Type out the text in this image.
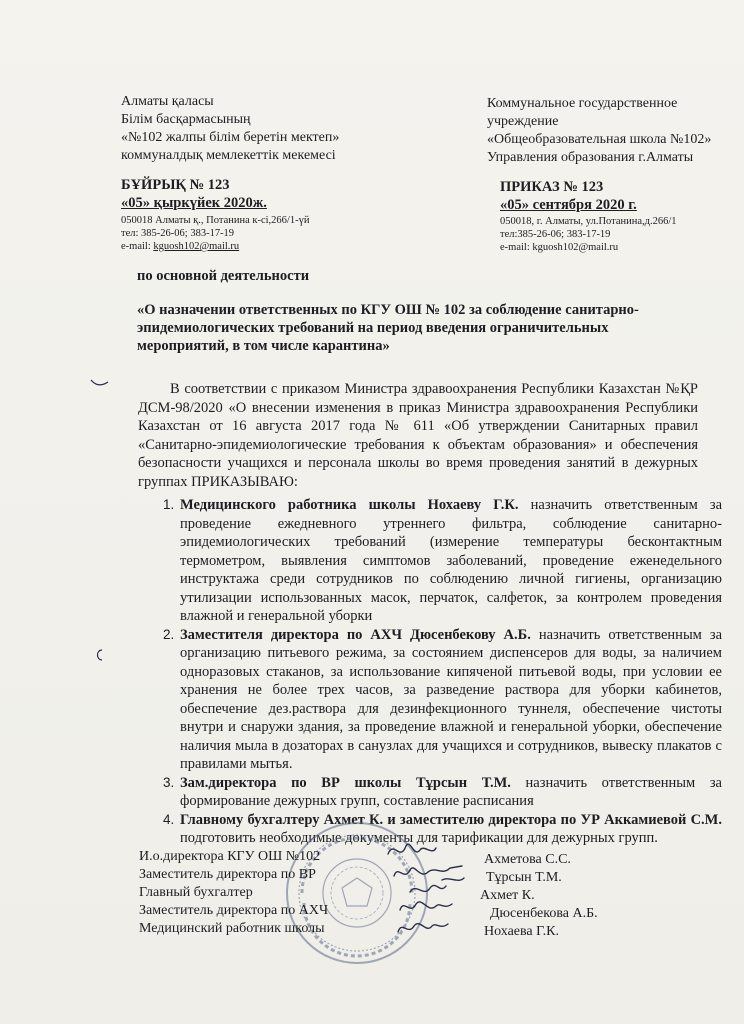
Алматы қаласы
Білім басқармасының
«№102 жалпы білім беретін мектеп»
коммуналдық мемлекеттік мекемесі
Коммунальное государственное
учреждение
«Общеобразовательная школа №102»
Управления образования г.Алматы
БҰЙРЫҚ № 123
«05» қыркүйек 2020ж.
ПРИКАЗ № 123
«05» сентября 2020 г.
050018 Алматы қ., Потанина к-сі,266/1-үй
тел: 385-26-06; 383-17-19
e-mail: kguosh102@mail.ru
050018, г. Алматы, ул.Потанина,д.266/1
тел:385-26-06; 383-17-19
e-mail: kguosh102@mail.ru
по основной деятельности
«О назначении ответственных по КГУ ОШ № 102 за соблюдение санитарно-
эпидемиологических требований на период введения ограничительных
мероприятий, в том числе карантина»

В соответствии с приказом Министра здравоохранения Республики Казахстан №ҚР ДСМ-98/2020 «О внесении изменения в приказ Министра здравоохранения Республики Казахстан от 16 августа 2017 года № 611 «Об утверждении Санитарных правил «Санитарно-эпидемиологические требования к объектам образования» и обеспечения безопасности учащихся и персонала школы во время проведения занятий в дежурных группах ПРИКАЗЫВАЮ:

1. Медицинского работника школы Нохаеву Г.К. назначить ответственным за проведение ежедневного утреннего фильтра, соблюдение санитарно-эпидемиологических требований (измерение температуры бесконтактным термометром, выявления симптомов заболеваний, проведение еженедельного инструктажа среди сотрудников по соблюдению личной гигиены, организацию утилизации использованных масок, перчаток, салфеток, за контролем проведения влажной и генеральной уборки
2. Заместителя директора по АХЧ Дюсенбекову А.Б. назначить ответственным за организацию питьевого режима, за состоянием диспенсеров для воды, за наличием одноразовых стаканов, за использование кипяченой питьевой воды, при условии ее хранения не более трех часов, за разведение раствора для уборки кабинетов, обеспечение дез.раствора для дезинфекционного туннеля, обеспечение чистоты внутри и снаружи здания, за проведение влажной и генеральной уборки, обеспечение наличия мыла в дозаторах в санузлах для учащихся и сотрудников, вывеску плакатов с правилами мытья.
3. Зам.директора по ВР школы Тұрсын Т.М. назначить ответственным за формирование дежурных групп, составление расписания
4. Главному бухгалтеру Ахмет К. и заместителю директора по УР Аккамиевой С.М. подготовить необходимые документы для тарификации для дежурных групп.
И.о.директора КГУ ОШ №102
Заместитель директора по ВР
Главный бухгалтер
Заместитель директора по АХЧ
Медицинский работник школы
Ахметова С.С.
Тұрсын Т.М.
Ахмет К.
Дюсенбекова А.Б.
Нохаева Г.К.
